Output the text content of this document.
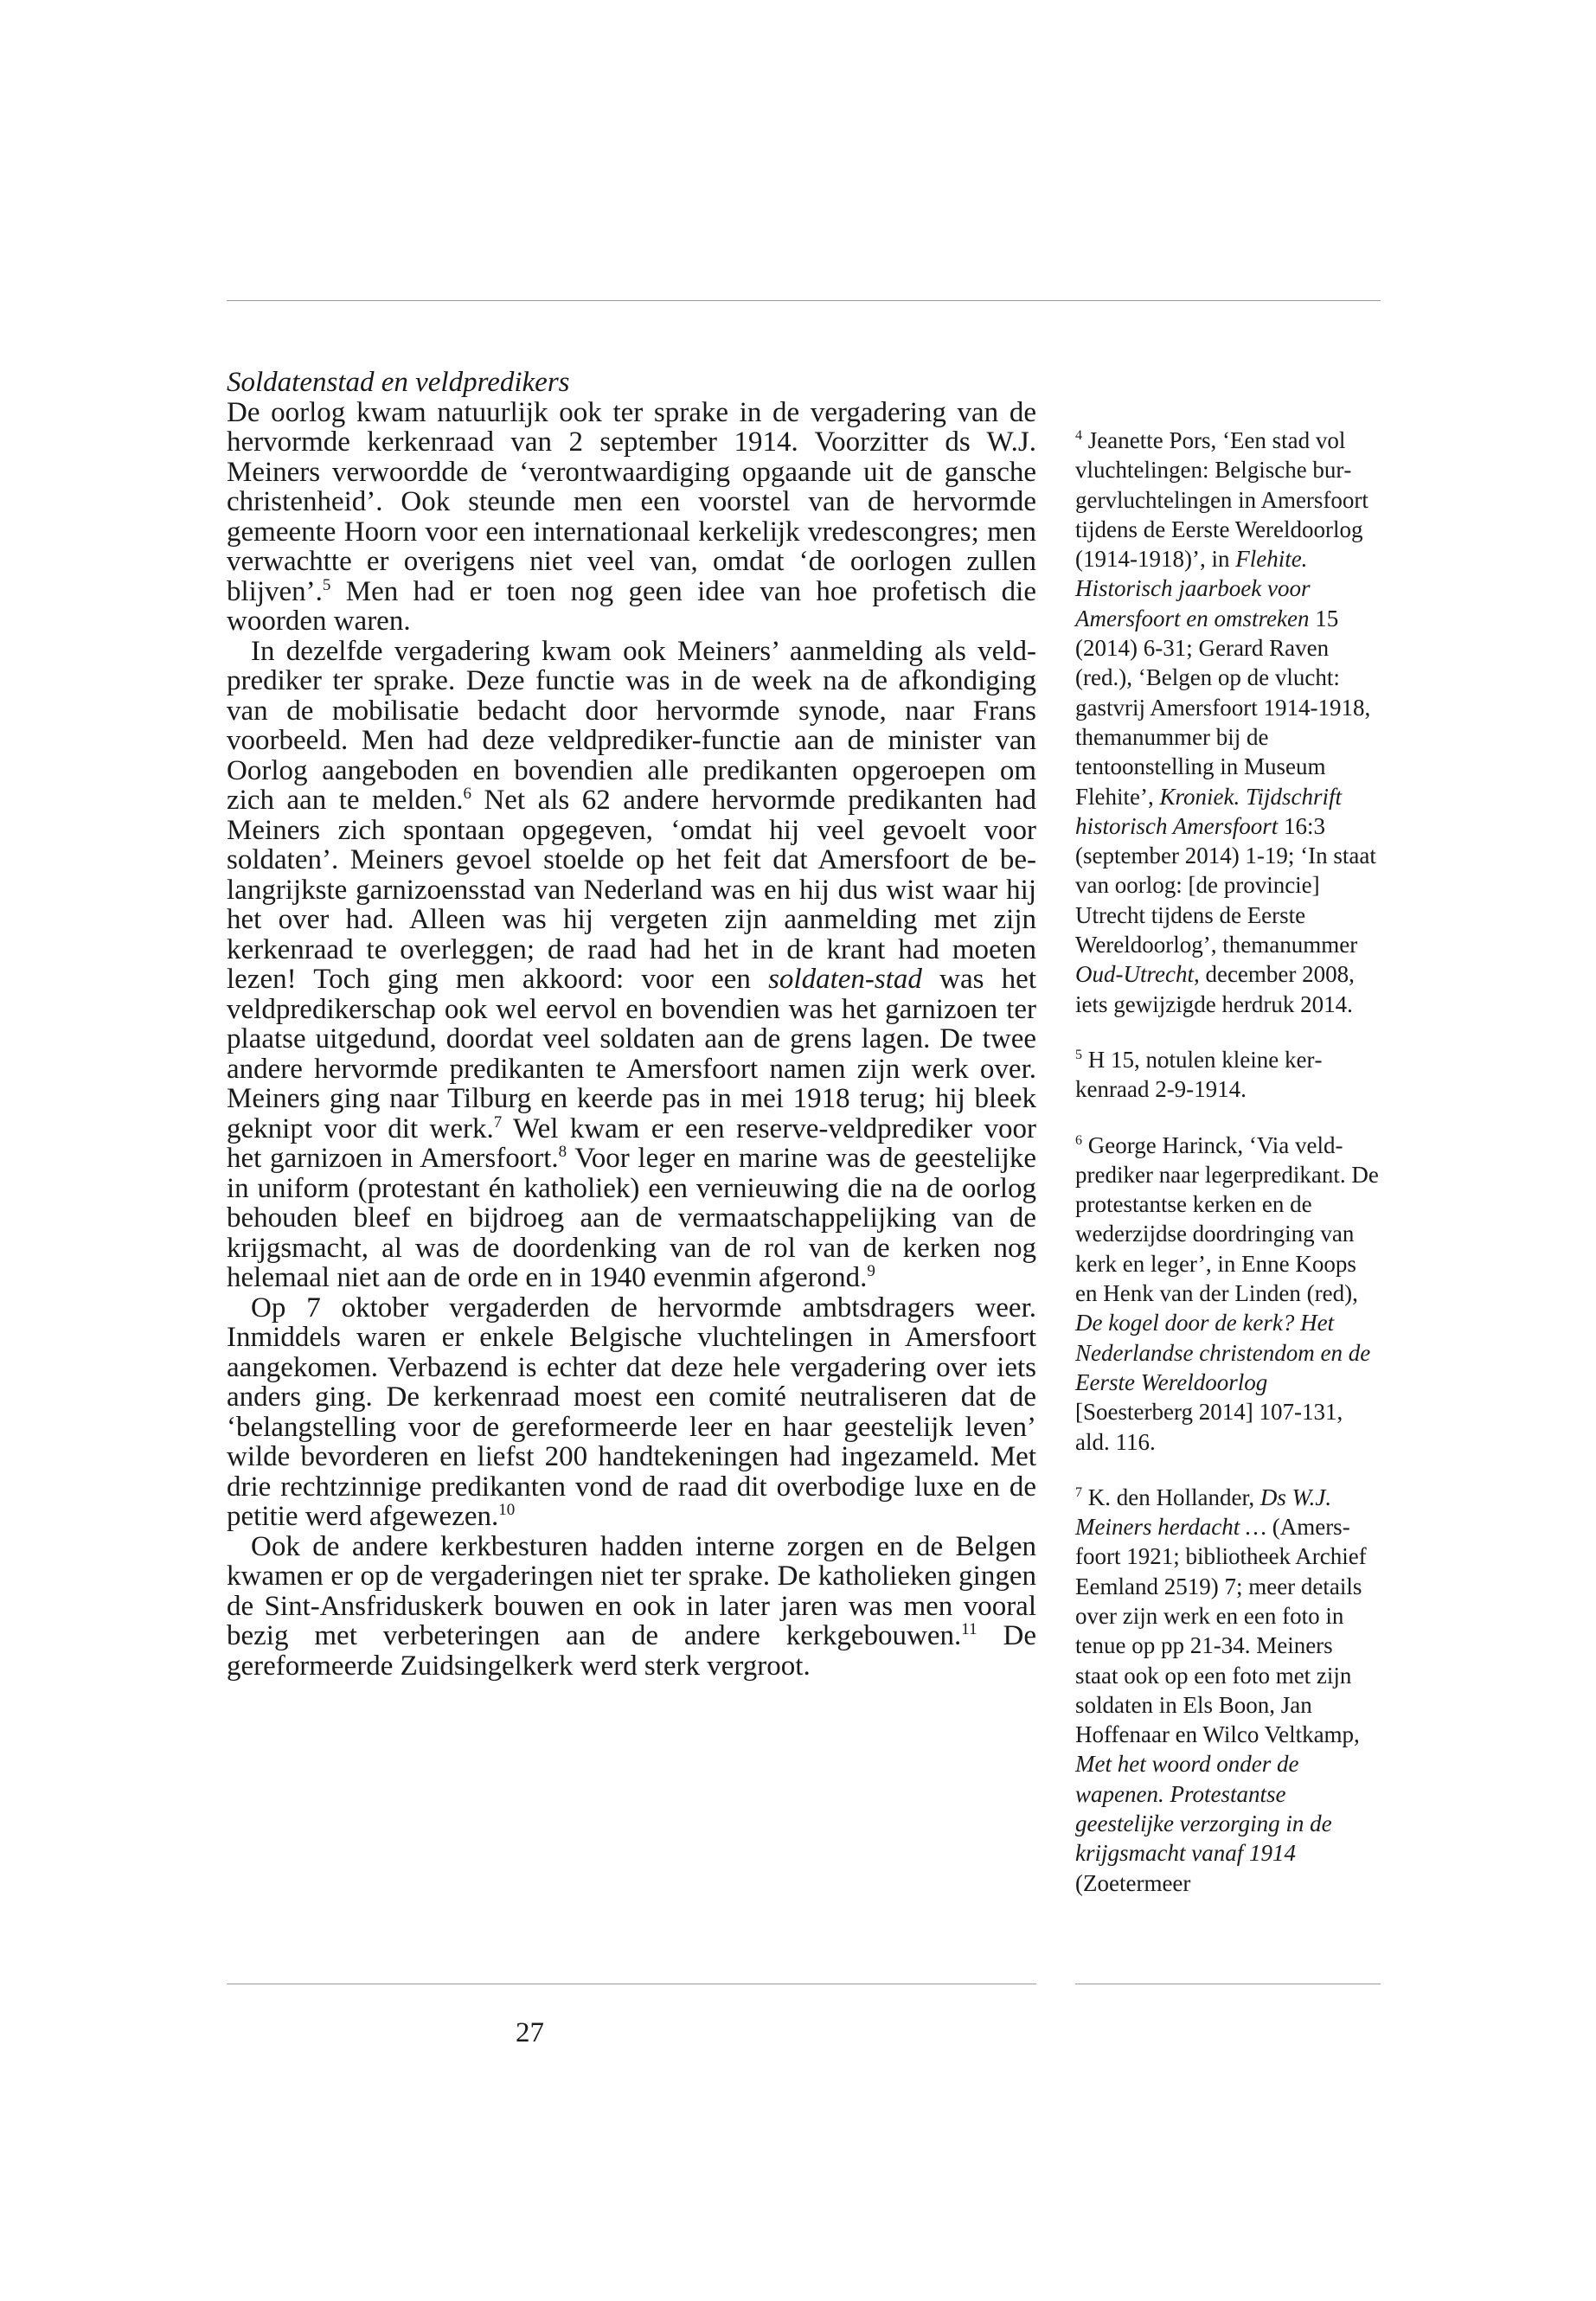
Soldatenstad en veldpredikers

De oorlog kwam natuurlijk ook ter sprake in de vergadering van de hervormde kerkenraad van 2 september 1914. Voorzitter ds W.J. Meiners verwoordde de ‘verontwaardiging opgaande uit de gansche christenheid’. Ook steunde men een voorstel van de hervormde gemeente Hoorn voor een internationaal kerkelijk vredescongres; men verwachtte er overigens niet veel van, omdat ‘de oorlogen zullen blijven’.$^5$ Men had er toen nog geen idee van hoe profetisch die woorden waren.

In dezelfde vergadering kwam ook Meiners’ aanmelding als veldprediker ter sprake. Deze functie was in de week na de afkondiging van de mobilisatie bedacht door hervormde synode, naar Frans voorbeeld. Men had deze veldprediker-functie aan de minister van Oorlog aangeboden en bovendien alle predikanten opgeroepen om zich aan te melden.$^6$ Net als 62 andere hervormde predikanten had Meiners zich spontaan opgegeven, ‘omdat hij veel gevoelt voor soldaten’. Meiners gevoel stoelde op het feit dat Amersfoort de belangrijkste garnizoensstad van Nederland was en hij dus wist waar hij het over had. Alleen was hij vergeten zijn aanmelding met zijn kerkenraad te overleggen; de raad had het in de krant had moeten lezen! Toch ging men akkoord: voor een soldaten-stad was het veldpredikerschap ook wel eervol en bovendien was het garnizoen ter plaatse uitgedund, doordat veel soldaten aan de grens lagen. De twee andere hervormde predikanten te Amersfoort namen zijn werk over. Meiners ging naar Tilburg en keerde pas in mei 1918 terug; hij bleek geknipt voor dit werk.$^7$ Wel kwam er een reserve-veldprediker voor het garnizoen in Amersfoort.$^8$ Voor leger en marine was de geestelijke in uniform (protestant én katholiek) een vernieuwing die na de oorlog behouden bleef en bijdroeg aan de vermaatschappelijking van de krijgsmacht, al was de doordenking van de rol van de kerken nog helemaal niet aan de orde en in 1940 evenmin afgerond.$^9$

Op 7 oktober vergaderden de hervormde ambtsdragers weer. Inmiddels waren er enkele Belgische vluchtelingen in Amersfoort aangekomen. Verbazend is echter dat deze hele vergadering over iets anders ging. De kerkenraad moest een comité neutraliseren dat de ‘belangstelling voor de gereformeerde leer en haar geestelijk leven’ wilde bevorderen en liefst 200 handtekeningen had ingezameld. Met drie rechtzinnige predikanten vond de raad dit overbodige luxe en de petitie werd afgewezen.$^{10}$

Ook de andere kerkbesturen hadden interne zorgen en de Belgen kwamen er op de vergaderingen niet ter sprake. De katholieken gingen de Sint-Ansfriduskerk bouwen en ook in later jaren was men vooral bezig met verbeteringen aan de andere kerkgebouwen.$^{11}$ De gereformeerde Zuidsingelkerk werd sterk vergroot.

$^4$ Jeanette Pors, ‘Een stad vol vluchtelingen: Belgische burgervluchtelingen in Amersfoort tijdens de Eerste Wereldoorlog (1914-1918)’, in Flehite. Historisch jaarboek voor Amersfoort en omstreken 15 (2014) 6-31; Gerard Raven (red.), ‘Belgen op de vlucht: gastvrij Amersfoort 1914-1918, themanummer bij de tentoonstelling in Museum Flehite’, Kroniek. Tijdschrift historisch Amersfoort 16:3 (september 2014) 1-19; ‘In staat van oorlog: [de provincie] Utrecht tijdens de Eerste Wereldoorlog’, themanummer Oud-Utrecht, december 2008, iets gewijzigde herdruk 2014.

$^5$ H 15, notulen kleine kerkenraad 2-9-1914.

$^6$ George Harinck, ‘Via veldprediker naar legerpredikant. De protestantse kerken en de wederzijdse doordringing van kerk en leger’, in Enne Koops en Henk van der Linden (red), De kogel door de kerk? Het Nederlandse christendom en de Eerste Wereldoorlog [Soesterberg 2014] 107-131, ald. 116.

$^7$ K. den Hollander, Ds W.J. Meiners herdacht … (Amersfoort 1921; bibliotheek Archief Eemland 2519) 7; meer details over zijn werk en een foto in tenue op pp 21-34. Meiners staat ook op een foto met zijn soldaten in Els Boon, Jan Hoffenaar en Wilco Veltkamp, Met het woord onder de wapenen. Protestantse geestelijke verzorging in de krijgsmacht vanaf 1914 (Zoetermeer

27
